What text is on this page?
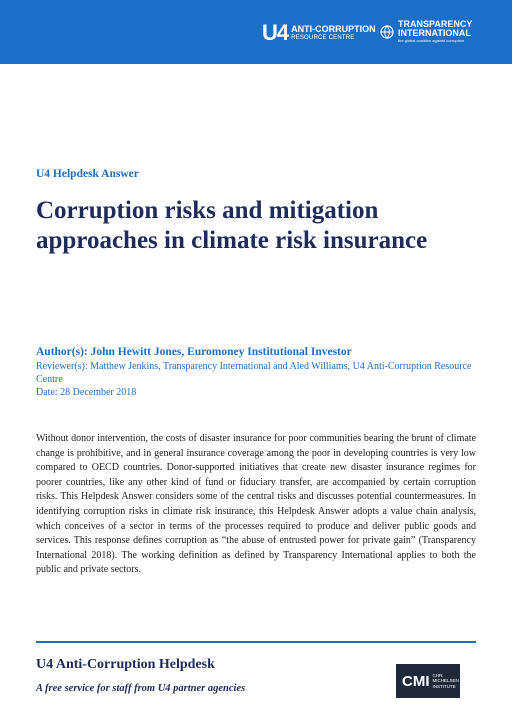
U4 ANTI-CORRUPTION
RESOURCE CENTRE
TRANSPARENCY
INTERNATIONAL
the global coalition against corruption
U4 Helpdesk Answer
Corruption risks and mitigation approaches in climate risk insurance
Author(s): John Hewitt Jones, Euromoney Institutional Investor
Reviewer(s): Matthew Jenkins, Transparency International and Aled Williams, U4 Anti-Corruption Resource Centre
Date: 28 December 2018

Without donor intervention, the costs of disaster insurance for poor communities bearing the brunt of climate change is prohibitive, and in general insurance coverage among the poor in developing countries is very low compared to OECD countries. Donor-supported initiatives that create new disaster insurance regimes for poorer countries, like any other kind of fund or fiduciary transfer, are accompanied by certain corruption risks. This Helpdesk Answer considers some of the central risks and discusses potential countermeasures. In identifying corruption risks in climate risk insurance, this Helpdesk Answer adopts a value chain analysis, which conceives of a sector in terms of the processes required to produce and deliver public goods and services. This response defines corruption as “the abuse of entrusted power for private gain” (Transparency International 2018). The working definition as defined by Transparency International applies to both the public and private sectors.

U4 Anti-Corruption Helpdesk
A free service for staff from U4 partner agencies	CMI CHR.
MICHELSEN
INSTITUTE
